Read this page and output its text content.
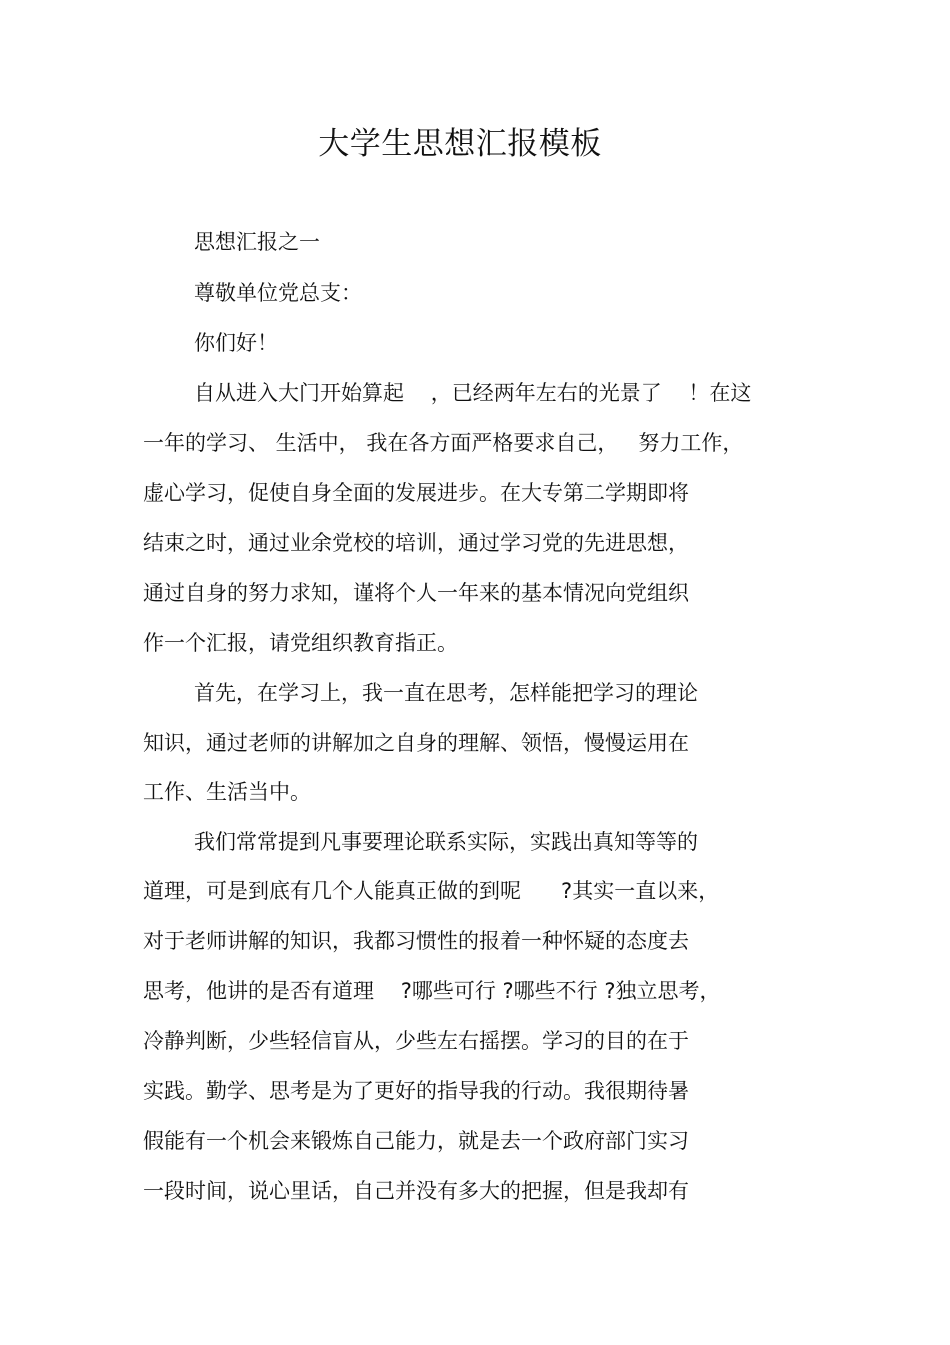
大学生思想汇报模板
思想汇报之一
尊敬单位党总支：
你们好！
自从进入大门开始算起    ，已经两年左右的光景了    ！在这
一年的学习、 生活中， 我在各方面严格要求自己，   努力工作，
虚心学习，促使自身全面的发展进步。在大专第二学期即将
结束之时，通过业余党校的培训，通过学习党的先进思想，
通过自身的努力求知，谨将个人一年来的基本情况向党组织
作一个汇报，请党组织教育指正。
首先，在学习上，我一直在思考，怎样能把学习的理论
知识，通过老师的讲解加之自身的理解、领悟，慢慢运用在
工作、生活当中。
我们常常提到凡事要理论联系实际，实践出真知等等的
道理，可是到底有几个人能真正做的到呢      ?其实一直以来，
对于老师讲解的知识，我都习惯性的报着一种怀疑的态度去
思考，他讲的是否有道理    ?哪些可行 ?哪些不行 ?独立思考，
冷静判断，少些轻信盲从，少些左右摇摆。学习的目的在于
实践。勤学、思考是为了更好的指导我的行动。我很期待暑
假能有一个机会来锻炼自己能力，就是去一个政府部门实习
一段时间，说心里话，自己并没有多大的把握，但是我却有
